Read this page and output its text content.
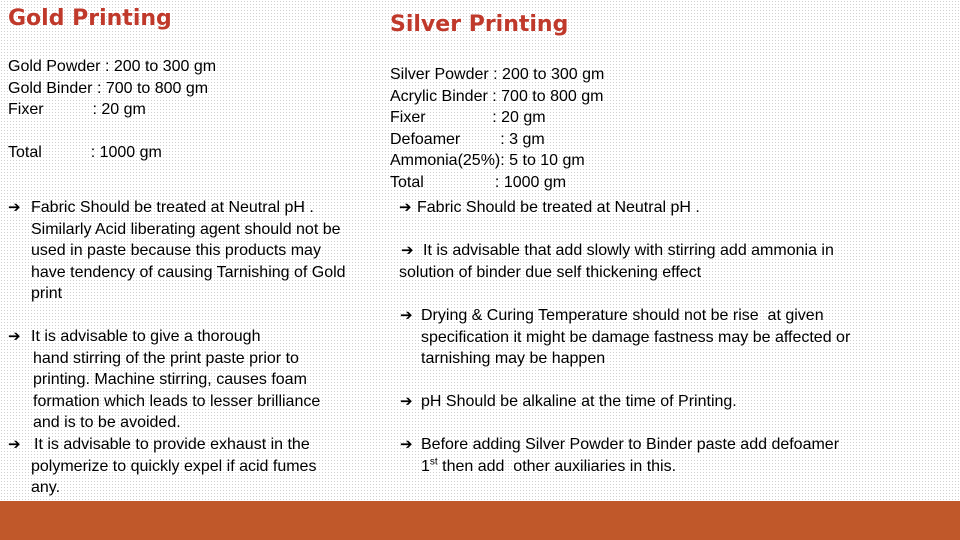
Gold Printing
Gold Powder : 200 to 300 gm
Gold Binder : 700 to 800 gm
Fixer           : 20 gm

Total           : 1000 gm
➔ Fabric Should be treated at Neutral pH .
Similarly Acid liberating agent should not be
used in paste because this products may
have tendency of causing Tarnishing of Gold
print
➔ It is advisable to give a thorough
hand stirring of the print paste prior to
printing. Machine stirring, causes foam
formation which leads to lesser brilliance
and is to be avoided.
➔ It is advisable to provide exhaust in the
polymerize to quickly expel if acid fumes
any.
Silver Printing
Silver Powder : 200 to 300 gm
Acrylic Binder : 700 to 800 gm
Fixer               : 20 gm
Defoamer         : 3 gm
Ammonia(25%): 5 to 10 gm
Total                : 1000 gm
➔ Fabric Should be treated at Neutral pH .
➔ It is advisable that add slowly with stirring add ammonia in
solution of binder due self thickening effect
➔ Drying & Curing Temperature should not be rise  at given
specification it might be damage fastness may be affected or
tarnishing may be happen
➔ pH Should be alkaline at the time of Printing.
➔ Before adding Silver Powder to Binder paste add defoamer
1st then add  other auxiliaries in this.
